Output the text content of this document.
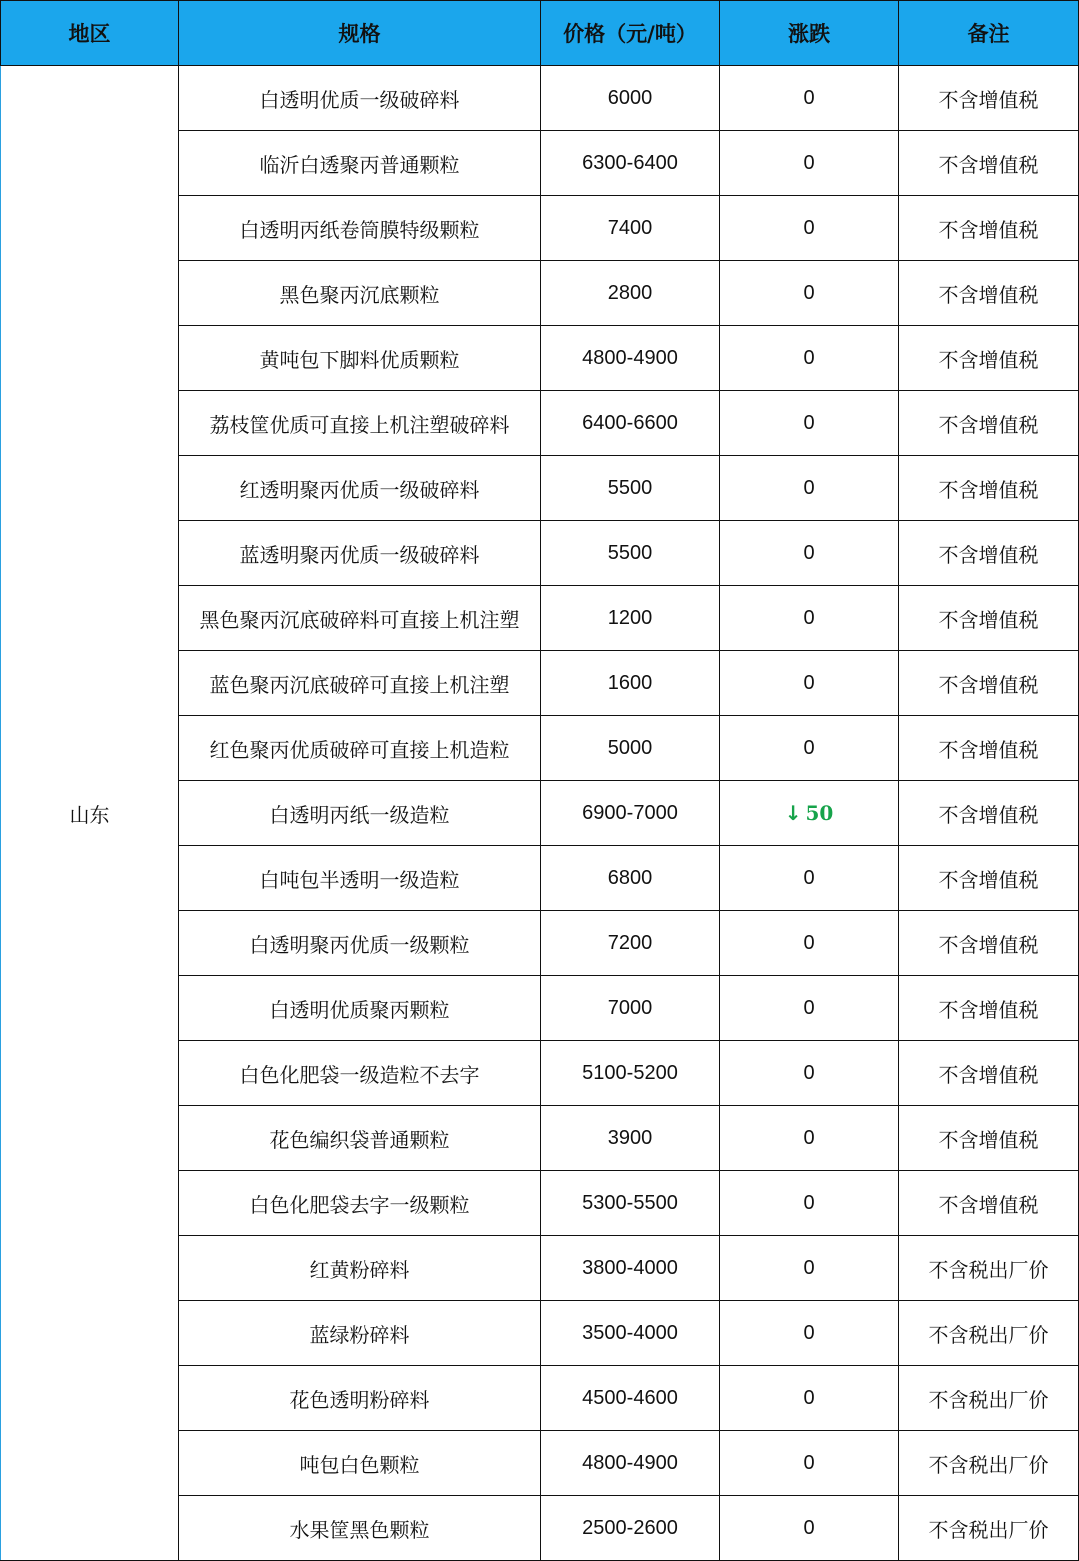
地区	规格	价格（元/吨）	涨跌	备注
山东	白透明优质一级破碎料	6000	0	不含增值税
	临沂白透聚丙普通颗粒	6300-6400	0	不含增值税
	白透明丙纸卷筒膜特级颗粒	7400	0	不含增值税
	黑色聚丙沉底颗粒	2800	0	不含增值税
	黄吨包下脚料优质颗粒	4800-4900	0	不含增值税
	荔枝筐优质可直接上机注塑破碎料	6400-6600	0	不含增值税
	红透明聚丙优质一级破碎料	5500	0	不含增值税
	蓝透明聚丙优质一级破碎料	5500	0	不含增值税
	黑色聚丙沉底破碎料可直接上机注塑	1200	0	不含增值税
	蓝色聚丙沉底破碎可直接上机注塑	1600	0	不含增值税
	红色聚丙优质破碎可直接上机造粒	5000	0	不含增值税
	白透明丙纸一级造粒	6900-7000	↓ 50	不含增值税
	白吨包半透明一级造粒	6800	0	不含增值税
	白透明聚丙优质一级颗粒	7200	0	不含增值税
	白透明优质聚丙颗粒	7000	0	不含增值税
	白色化肥袋一级造粒不去字	5100-5200	0	不含增值税
	花色编织袋普通颗粒	3900	0	不含增值税
	白色化肥袋去字一级颗粒	5300-5500	0	不含增值税
	红黄粉碎料	3800-4000	0	不含税出厂价
	蓝绿粉碎料	3500-4000	0	不含税出厂价
	花色透明粉碎料	4500-4600	0	不含税出厂价
	吨包白色颗粒	4800-4900	0	不含税出厂价
	水果筐黑色颗粒	2500-2600	0	不含税出厂价
